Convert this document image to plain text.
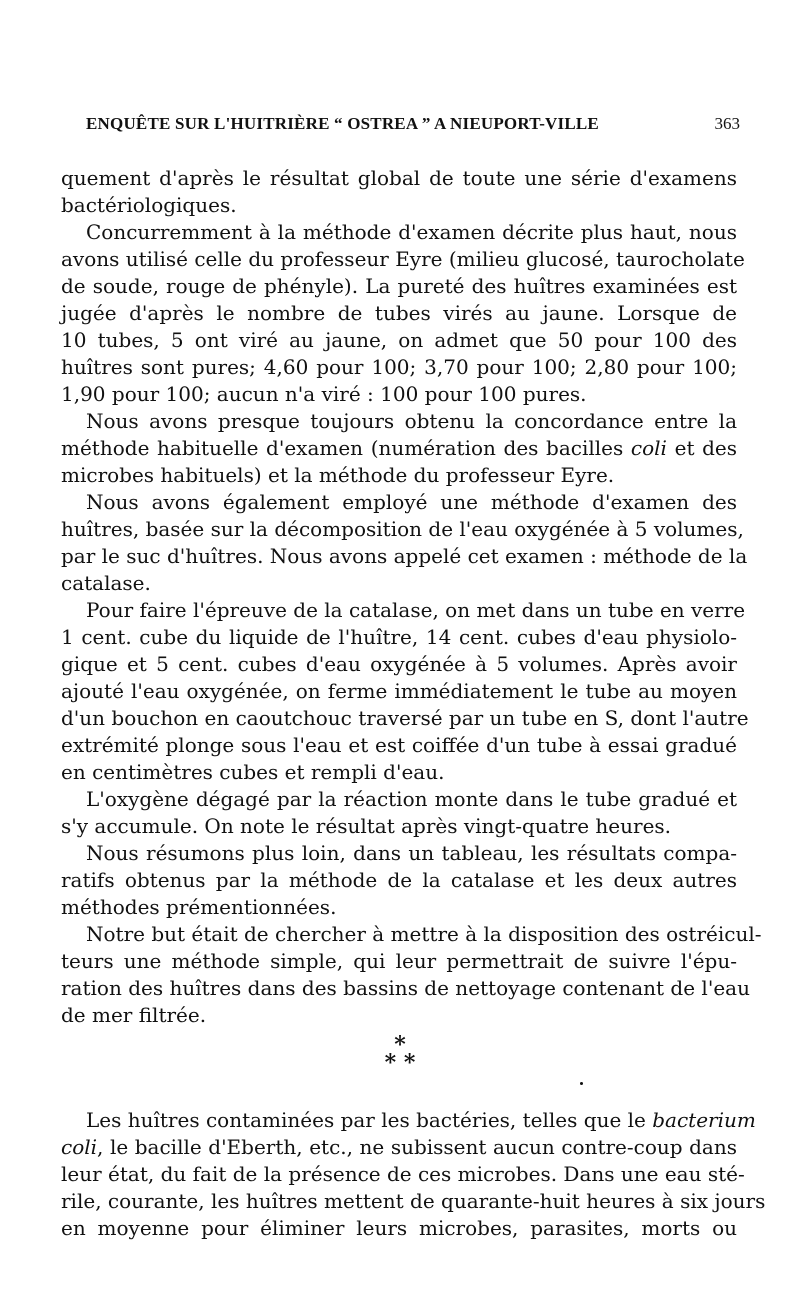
ENQUÊTE SUR L'HUITRIÈRE “ OSTREA ” A NIEUPORT-VILLE	363
quement d'après le résultat global de toute une série d'examens
bactériologiques.
Concurremment à la méthode d'examen décrite plus haut, nous
avons utilisé celle du professeur Eyre (milieu glucosé, taurocholate
de soude, rouge de phényle). La pureté des huîtres examinées est
jugée d'après le nombre de tubes virés au jaune. Lorsque de
10 tubes, 5 ont viré au jaune, on admet que 50 pour 100 des
huîtres sont pures; 4,60 pour 100; 3,70 pour 100; 2,80 pour 100;
1,90 pour 100; aucun n'a viré : 100 pour 100 pures.
Nous avons presque toujours obtenu la concordance entre la
méthode habituelle d'examen (numération des bacilles coli et des
microbes habituels) et la méthode du professeur Eyre.
Nous avons également employé une méthode d'examen des
huîtres, basée sur la décomposition de l'eau oxygénée à 5 volumes,
par le suc d'huîtres. Nous avons appelé cet examen : méthode de la
catalase.
Pour faire l'épreuve de la catalase, on met dans un tube en verre
1 cent. cube du liquide de l'huître, 14 cent. cubes d'eau physiolo-
gique et 5 cent. cubes d'eau oxygénée à 5 volumes. Après avoir
ajouté l'eau oxygénée, on ferme immédiatement le tube au moyen
d'un bouchon en caoutchouc traversé par un tube en S, dont l'autre
extrémité plonge sous l'eau et est coiffée d'un tube à essai gradué
en centimètres cubes et rempli d'eau.
L'oxygène dégagé par la réaction monte dans le tube gradué et
s'y accumule. On note le résultat après vingt-quatre heures.
Nous résumons plus loin, dans un tableau, les résultats compa-
ratifs obtenus par la méthode de la catalase et les deux autres
méthodes prémentionnées.
Notre but était de chercher à mettre à la disposition des ostréicul-
teurs une méthode simple, qui leur permettrait de suivre l'épu-
ration des huîtres dans des bassins de nettoyage contenant de l'eau
de mer filtrée.
*
* *
Les huîtres contaminées par les bactéries, telles que le bacterium
coli, le bacille d'Eberth, etc., ne subissent aucun contre-coup dans
leur état, du fait de la présence de ces microbes. Dans une eau sté-
rile, courante, les huîtres mettent de quarante-huit heures à six jours
en moyenne pour éliminer leurs microbes, parasites, morts ou
